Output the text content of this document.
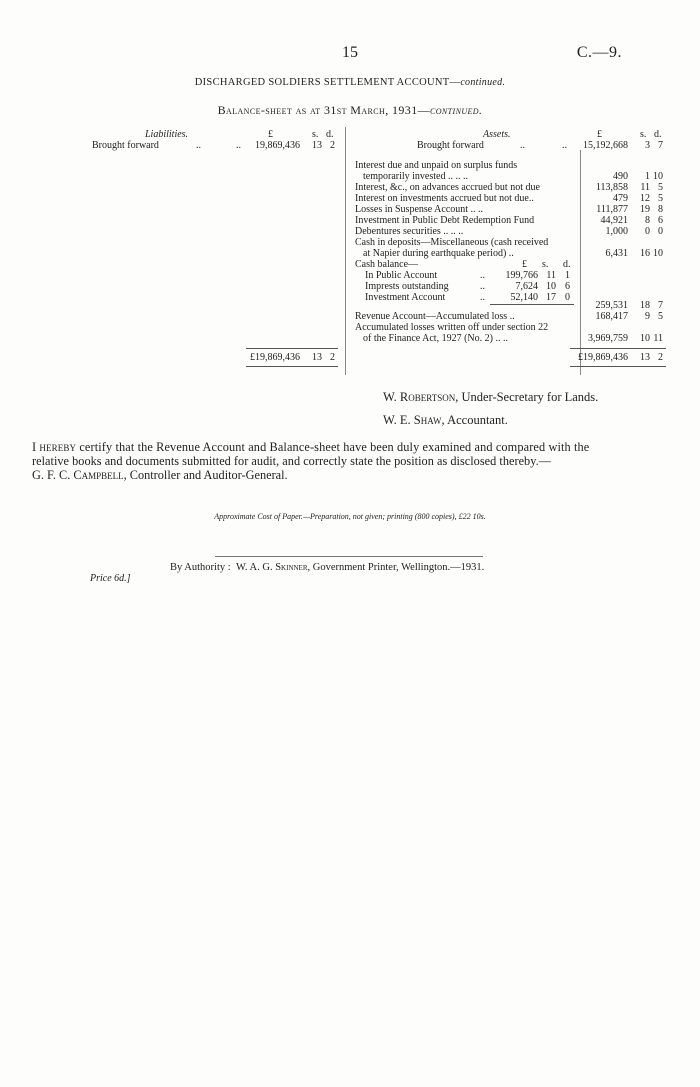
15	C.—9.
DISCHARGED SOLDIERS SETTLEMENT ACCOUNT—continued.
Balance-sheet as at 31st March, 1931—continued.
Liabilities.	£	s. d.
Brought forward	..	..	19,869,436	13 2
£19,869,436	13 2
Assets.	£	s. d.
Brought forward	..	..	15,192,668	3 7
Interest due and unpaid on surplus funds
temporarily invested .. .. ..	490	1 10
Interest, &c., on advances accrued but not due	113,858	11 5
Interest on investments accrued but not due..	479	12 5
Losses in Suspense Account .. ..	111,877	19 8
Investment in Public Debt Redemption Fund	44,921	8 6
Debentures securities .. .. ..	1,000	0 0
Cash in deposits—Miscellaneous (cash received
at Napier during earthquake period) ..	6,431	16 10
Cash balance—	£ s. d.
In Public Account	..	199,766 11 1
Imprests outstanding	..	7,624 10 6
Investment Account	..	52,140 17 0
259,531	18 7
Revenue Account—Accumulated loss ..	168,417	9 5
Accumulated losses written off under section 22
of the Finance Act, 1927 (No. 2) .. ..	3,969,759	10 11
£19,869,436	13 2
W. Robertson, Under-Secretary for Lands.
W. E. Shaw, Accountant.
I hereby certify that the Revenue Account and Balance-sheet have been duly examined and compared with the
relative books and documents submitted for audit, and correctly state the position as disclosed thereby.—
G. F. C. Campbell, Controller and Auditor-General.
Approximate Cost of Paper.—Preparation, not given; printing (800 copies), £22 10s.
By Authority : W. A. G. Skinner, Government Printer, Wellington.—1931.
Price 6d.]
